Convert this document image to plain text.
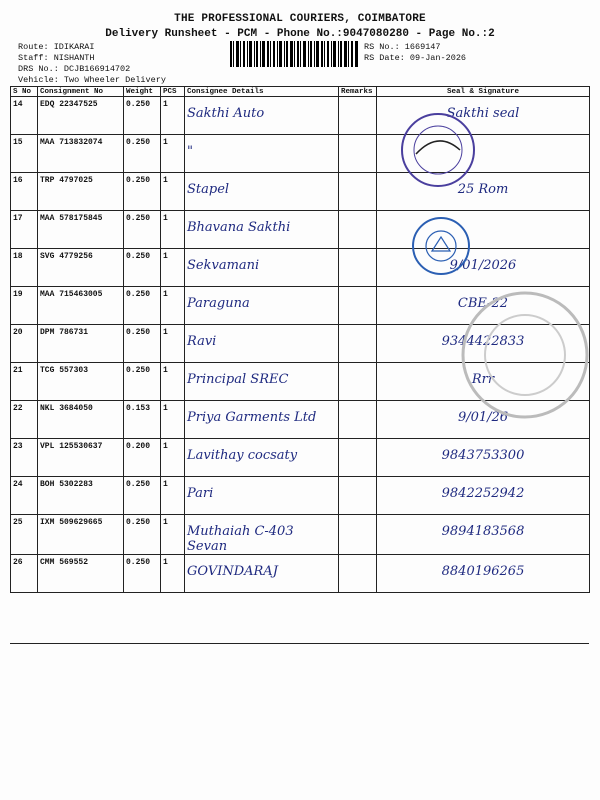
THE PROFESSIONAL COURIERS, COIMBATORE
Delivery Runsheet - PCM - Phone No.:9047080280 - Page No.:2
Route: IDIKARAI
Staff: NISHANTH
DRS No.: DCJB166914702
Vehicle: Two Wheeler Delivery
RS No.: 1669147
RS Date: 09-Jan-2026
S No	Consignment No	Weight	PCS	Consignee Details	Remarks	Seal & Signature
14	EDQ 22347525	0.250	1	Sakthi Auto		Sakthi seal

15	MAA 713832074	0.250	1	"		

16	TRP 4797025	0.250	1	Stapel		25 Rom

17	MAA 578175845	0.250	1	Bhavana Sakthi		

18	SVG 4779256	0.250	1	Sekvamani		9/01/2026

19	MAA 715463005	0.250	1	Paraguna		CBE-22

20	DPM 786731	0.250	1	Ravi		9344422833

21	TCG 557303	0.250	1	Principal SREC		Rrr

22	NKL 3684050	0.153	1	Priya Garments Ltd		9/01/26

23	VPL 125530637	0.200	1	Lavithay cocsaty		9843753300

24	BOH 5302283	0.250	1	Pari		9842252942

25	IXM 509629665	0.250	1	Muthaiah C-403 Sevan		9894183568

26	CMM 569552	0.250	1	GOVINDARAJ		8840196265
